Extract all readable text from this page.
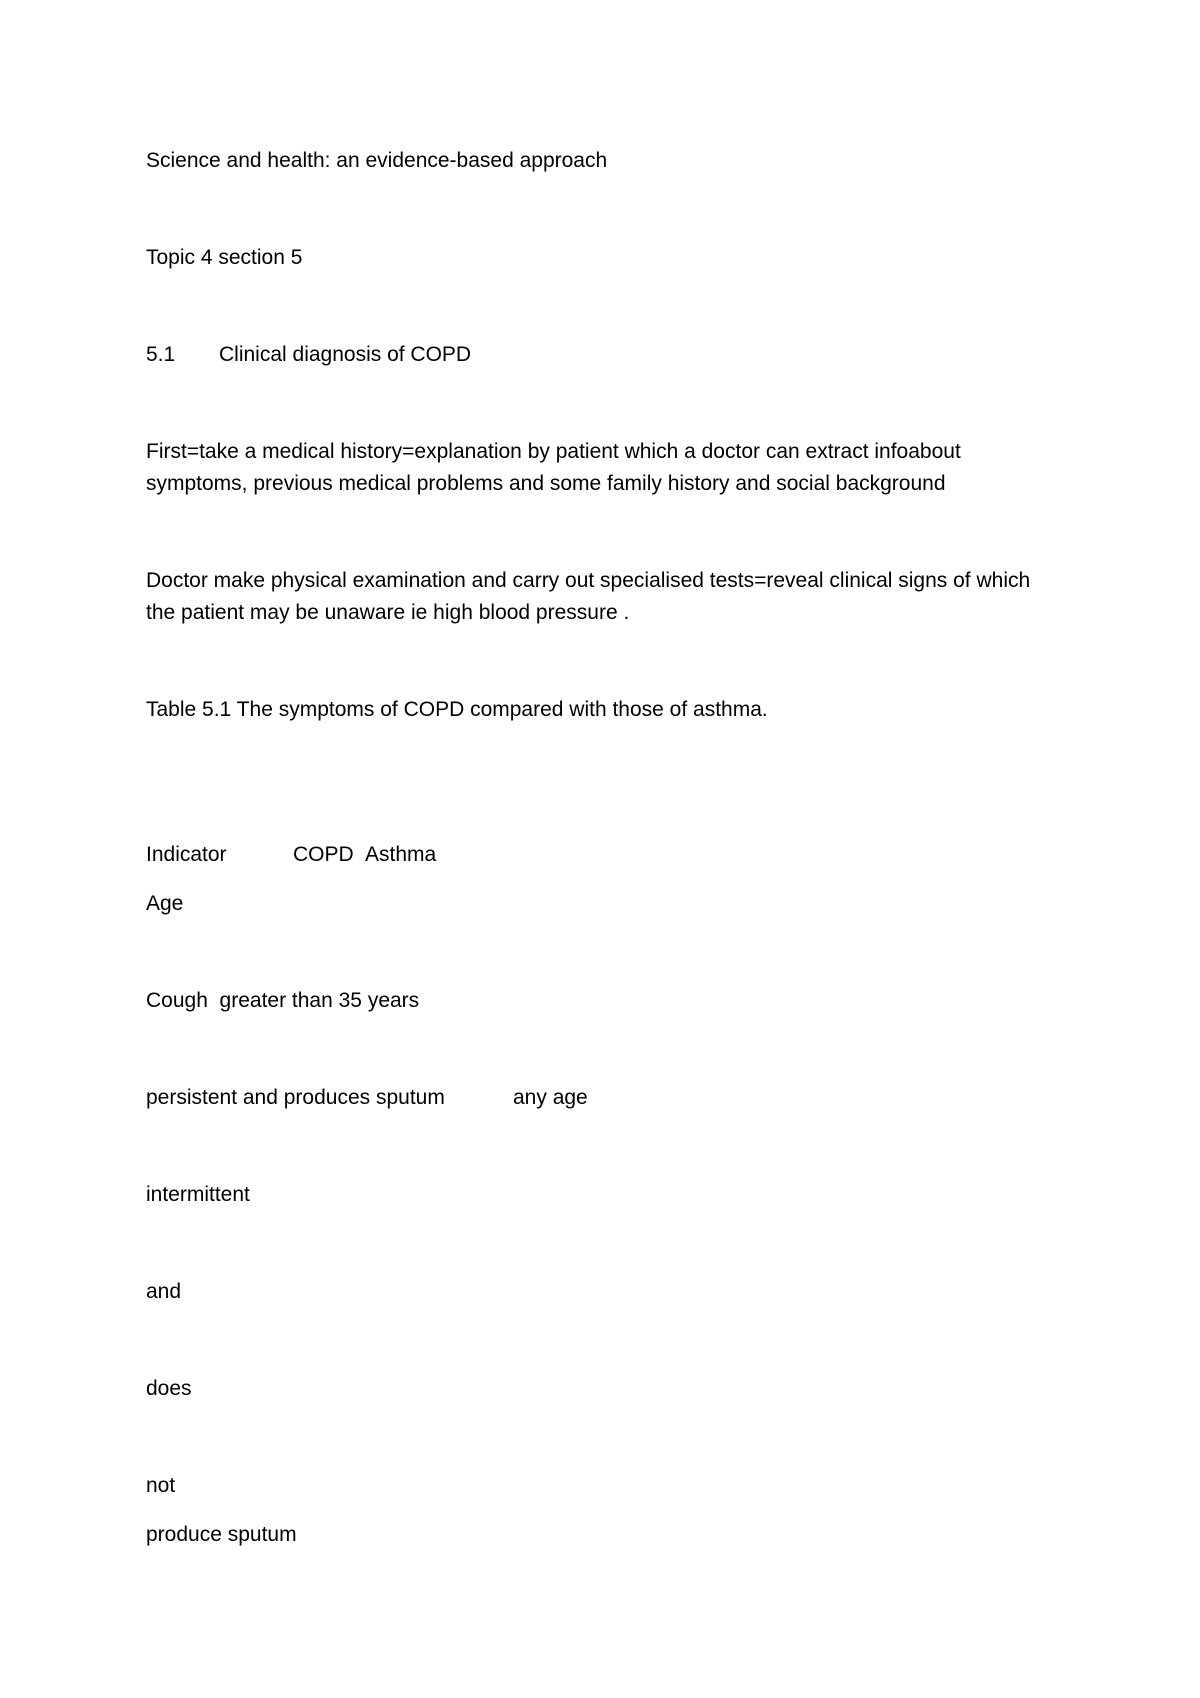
Science and health: an evidence-based approach
Topic 4 section 5
5.1 Clinical diagnosis of COPD
First=take a medical history=explanation by patient which a doctor can extract infoabout symptoms, previous medical problems and some family history and social background
Doctor make physical examination and carry out specialised tests=reveal clinical signs of which the patient may be unaware ie high blood pressure .
Table 5.1 The symptoms of COPD compared with those of asthma.
Indicator	COPD Asthma
Age
Cough  greater than 35 years
persistent and produces sputum	any age
intermittent
and
does
not
produce sputum
